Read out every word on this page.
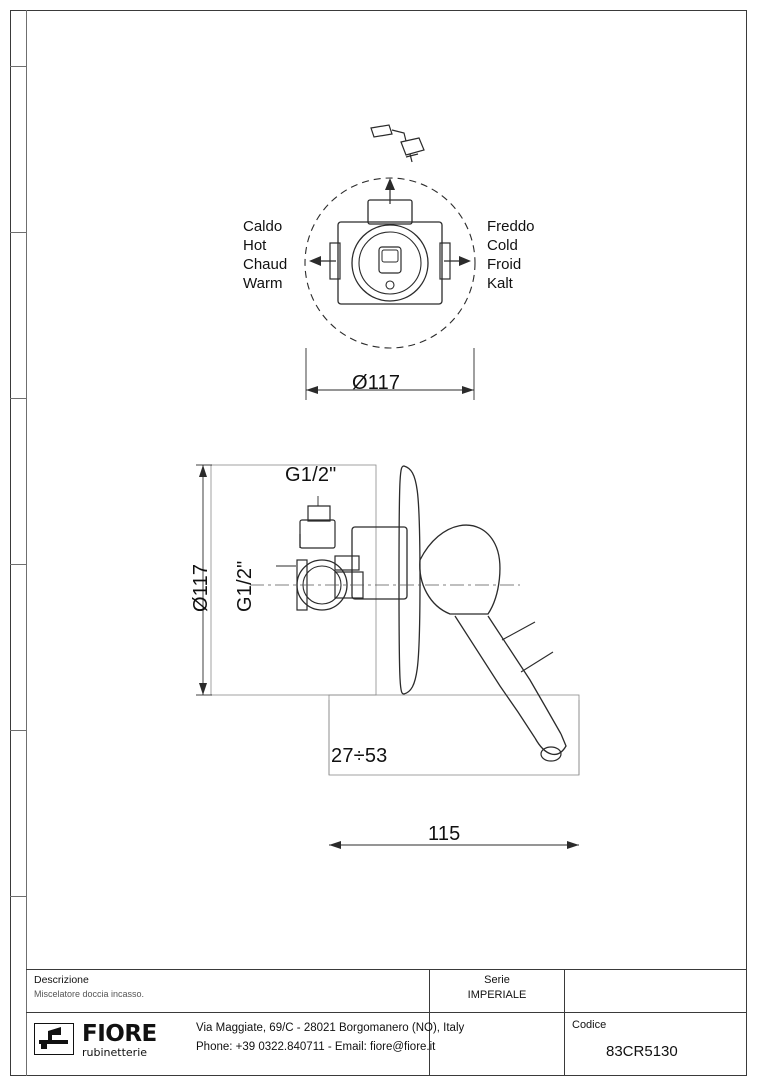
Caldo
Hot
Chaud
Warm
Freddo
Cold
Froid
Kalt
Ø117
Ø117
G1/2"
G1/2"
27÷53
115
Descrizione
Miscelatore doccia incasso.
Serie
IMPERIALE
FIORE
rubinetterie
Via Maggiate, 69/C - 28021 Borgomanero (NO), Italy
Phone: +39 0322.840711 - Email: fiore@fiore.it
Codice
83CR5130
